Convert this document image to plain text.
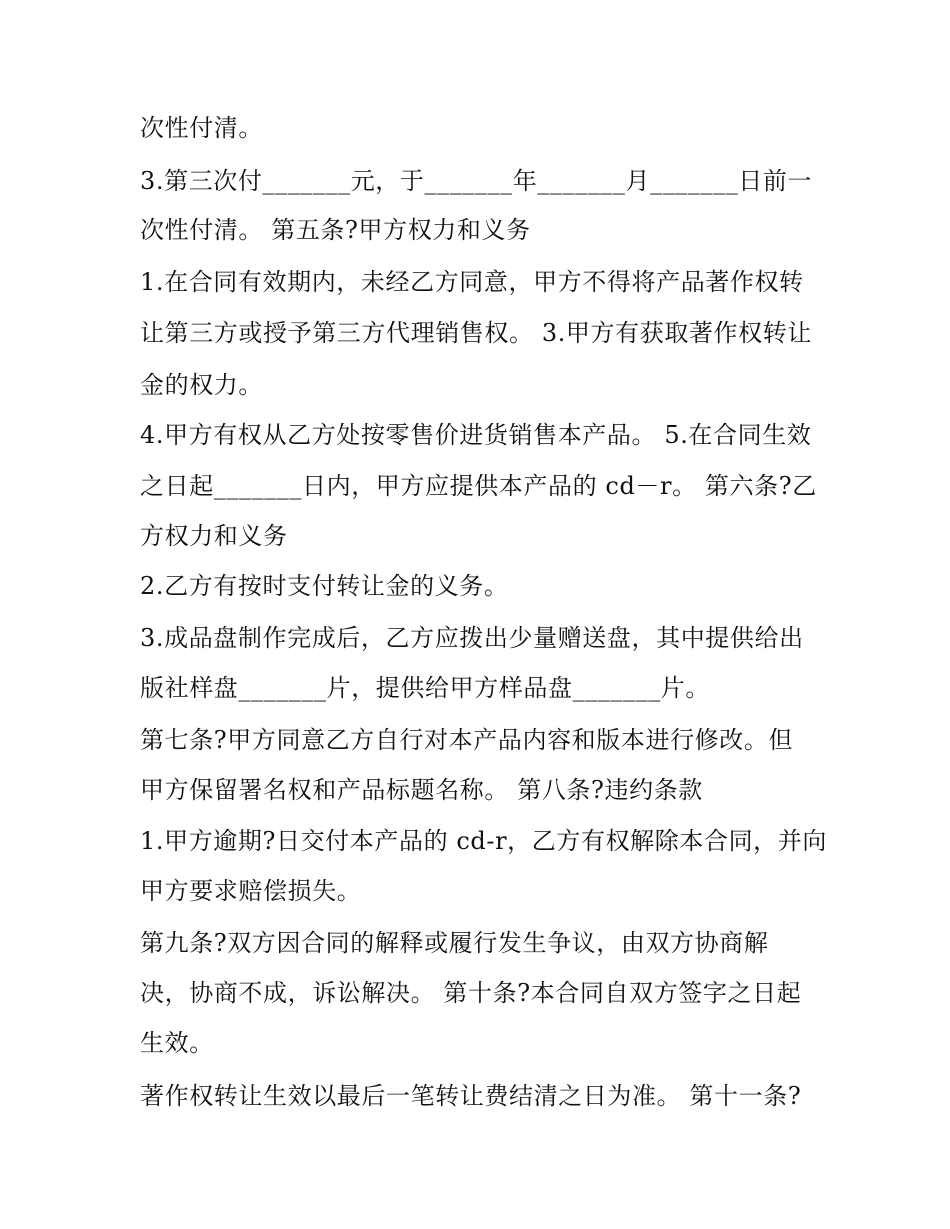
次性付清。
3.第三次付_______元，于_______年_______月_______日前一
次性付清。 第五条?甲方权力和义务
1.在合同有效期内，未经乙方同意，甲方不得将产品著作权转
让第三方或授予第三方代理销售权。 3.甲方有获取著作权转让
金的权力。
4.甲方有权从乙方处按零售价进货销售本产品。 5.在合同生效
之日起_______日内，甲方应提供本产品的 cd－r。 第六条?乙
方权力和义务
2.乙方有按时支付转让金的义务。
3.成品盘制作完成后，乙方应拨出少量赠送盘，其中提供给出
版社样盘_______片，提供给甲方样品盘_______片。
第七条?甲方同意乙方自行对本产品内容和版本进行修改。但
甲方保留署名权和产品标题名称。 第八条?违约条款
1.甲方逾期?日交付本产品的 cd-r，乙方有权解除本合同，并向
甲方要求赔偿损失。
第九条?双方因合同的解释或履行发生争议，由双方协商解
决，协商不成，诉讼解决。 第十条?本合同自双方签字之日起
生效。
著作权转让生效以最后一笔转让费结清之日为准。 第十一条?
